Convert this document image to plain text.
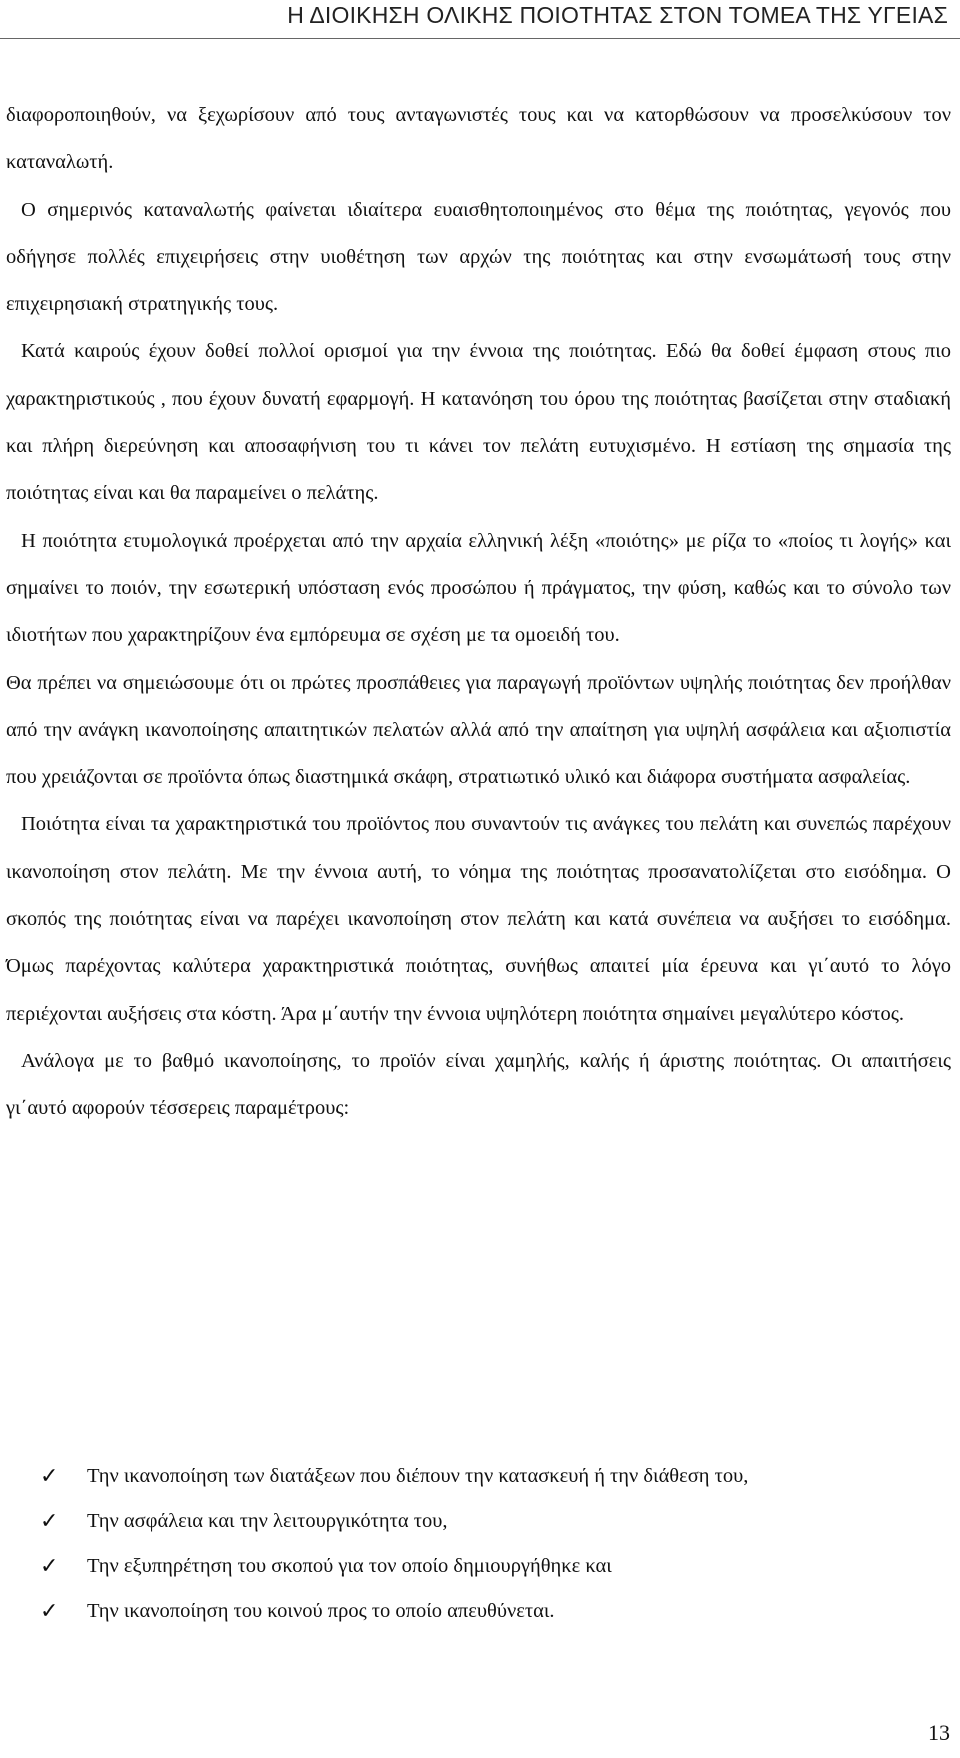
Η ΔΙΟΙΚΗΣΗ ΟΛΙΚΗΣ ΠΟΙΟΤΗΤΑΣ ΣΤΟΝ ΤΟΜΕΑ ΤΗΣ ΥΓΕΙΑΣ

διαφοροποιηθούν, να ξεχωρίσουν από τους ανταγωνιστές τους και να κατορθώσουν να προσελκύσουν τον καταναλωτή.

Ο σημερινός καταναλωτής φαίνεται ιδιαίτερα ευαισθητοποιημένος στο θέμα της ποιότητας, γεγονός που οδήγησε πολλές επιχειρήσεις στην υιοθέτηση των αρχών της ποιότητας και στην ενσωμάτωσή τους στην επιχειρησιακή στρατηγικής τους.

Κατά καιρούς έχουν δοθεί πολλοί ορισμοί για την έννοια της ποιότητας. Εδώ θα δοθεί έμφαση στους πιο χαρακτηριστικούς , που έχουν δυνατή εφαρμογή. Η κατανόηση του όρου της ποιότητας βασίζεται στην σταδιακή και πλήρη διερεύνηση και αποσαφήνιση του τι κάνει τον πελάτη ευτυχισμένο. Η εστίαση της σημασία της ποιότητας είναι και θα παραμείνει ο πελάτης.

Η ποιότητα ετυμολογικά προέρχεται από την αρχαία ελληνική λέξη «ποιότης» με ρίζα το «ποίος τι λογής» και σημαίνει το ποιόν, την εσωτερική υπόσταση ενός προσώπου ή πράγματος, την φύση, καθώς και το σύνολο των ιδιοτήτων που χαρακτηρίζουν ένα εμπόρευμα σε σχέση με τα ομοειδή του.

Θα πρέπει να σημειώσουμε ότι οι πρώτες προσπάθειες για παραγωγή προϊόντων υψηλής ποιότητας δεν προήλθαν από την ανάγκη ικανοποίησης απαιτητικών πελατών αλλά από την απαίτηση για υψηλή ασφάλεια και αξιοπιστία που χρειάζονται σε προϊόντα όπως διαστημικά σκάφη, στρατιωτικό υλικό και διάφορα συστήματα ασφαλείας.

Ποιότητα είναι τα χαρακτηριστικά του προϊόντος που συναντούν τις ανάγκες του πελάτη και συνεπώς παρέχουν ικανοποίηση στον πελάτη. Με την έννοια αυτή, το νόημα της ποιότητας προσανατολίζεται στο εισόδημα. Ο σκοπός της ποιότητας είναι να παρέχει ικανοποίηση στον πελάτη και κατά συνέπεια να αυξήσει το εισόδημα. Όμως παρέχοντας καλύτερα χαρακτηριστικά ποιότητας, συνήθως απαιτεί μία έρευνα και γι΄αυτό το λόγο περιέχονται αυξήσεις στα κόστη. Άρα μ΄αυτήν την έννοια υψηλότερη ποιότητα σημαίνει μεγαλύτερο κόστος.

Ανάλογα με το βαθμό ικανοποίησης, το προϊόν είναι χαμηλής, καλής ή άριστης ποιότητας. Οι απαιτήσεις γι΄αυτό αφορούν τέσσερεις παραμέτρους:

✓ Την ικανοποίηση των διατάξεων που διέπουν την κατασκευή ή την διάθεση του,
✓ Την ασφάλεια και την λειτουργικότητα του,
✓ Την εξυπηρέτηση του σκοπού για τον οποίο δημιουργήθηκε και
✓ Την ικανοποίηση του κοινού προς το οποίο απευθύνεται.
13
